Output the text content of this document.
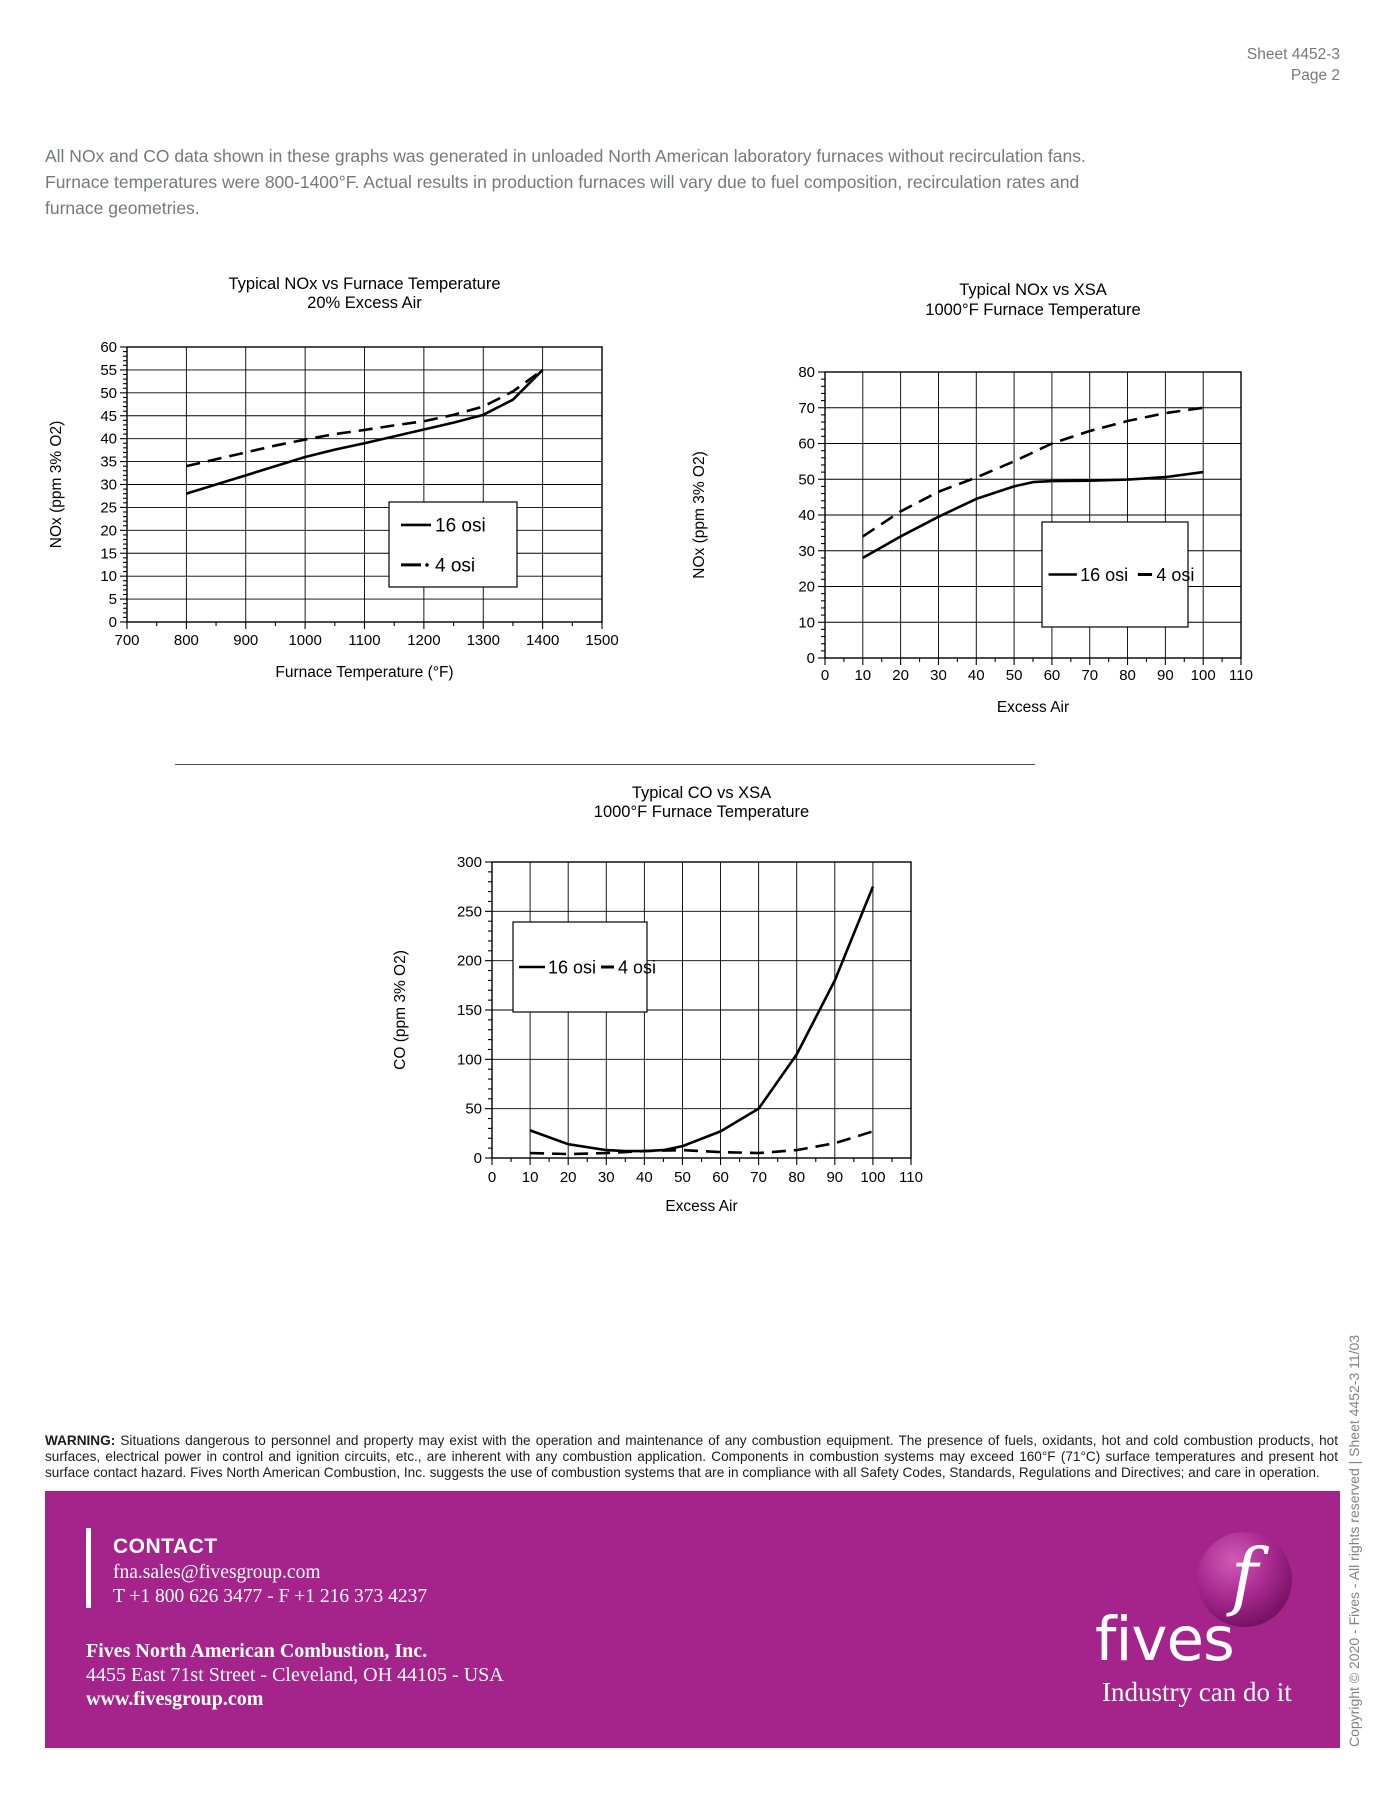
Sheet 4452-3
Page 2

All NOx and CO data shown in these graphs was generated in unloaded North American laboratory furnaces without recirculation fans. Furnace temperatures were 800-1400°F. Actual results in production furnaces will vary due to fuel composition, recirculation rates and furnace geometries.

700 800 900 1000 1100 1200 1300 1400 1500
0
5
10
15
20
25
30
35
40
45
50
55
60
Typical NOx vs Furnace Temperature
20% Excess Air
Furnace Temperature (°F)
NOx (ppm 3% O2)	16 osi
4 osi
0 10 20 30 40 50 60 70 80 90 100 110
0
10
20
30
40
50
60
70
80
Typical NOx vs XSA
1000°F Furnace Temperature
Excess Air
NOx (ppm 3% O2)	16 osi 4 osi
0 10 20 30 40 50 60 70 80 90 100 110
0
50
100
150
200
250
300
Typical CO vs XSA
1000°F Furnace Temperature
Excess Air
CO (ppm 3% O2)	16 osi 4 osi

WARNING: Situations dangerous to personnel and property may exist with the operation and maintenance of any combustion equipment. The presence of fuels, oxidants, hot and cold combustion products, hot surfaces, electrical power in control and ignition circuits, etc., are inherent with any combustion application. Components in combustion systems may exceed 160°F (71°C) surface temperatures and present hot surface contact hazard. Fives North American Combustion, Inc. suggests the use of combustion systems that are in compliance with all Safety Codes, Standards, Regulations and Directives; and care in operation.

CONTACT
fna.sales@fivesgroup.com
T +1 800 626 3477 - F +1 216 373 4237
Fives North American Combustion, Inc.
4455 East 71st Street - Cleveland, OH 44105 - USA
www.fivesgroup.com
f
fives
Industry can do it	Copyright © 2020 - Fives - All rights reserved | Sheet 4452-3 11/03
